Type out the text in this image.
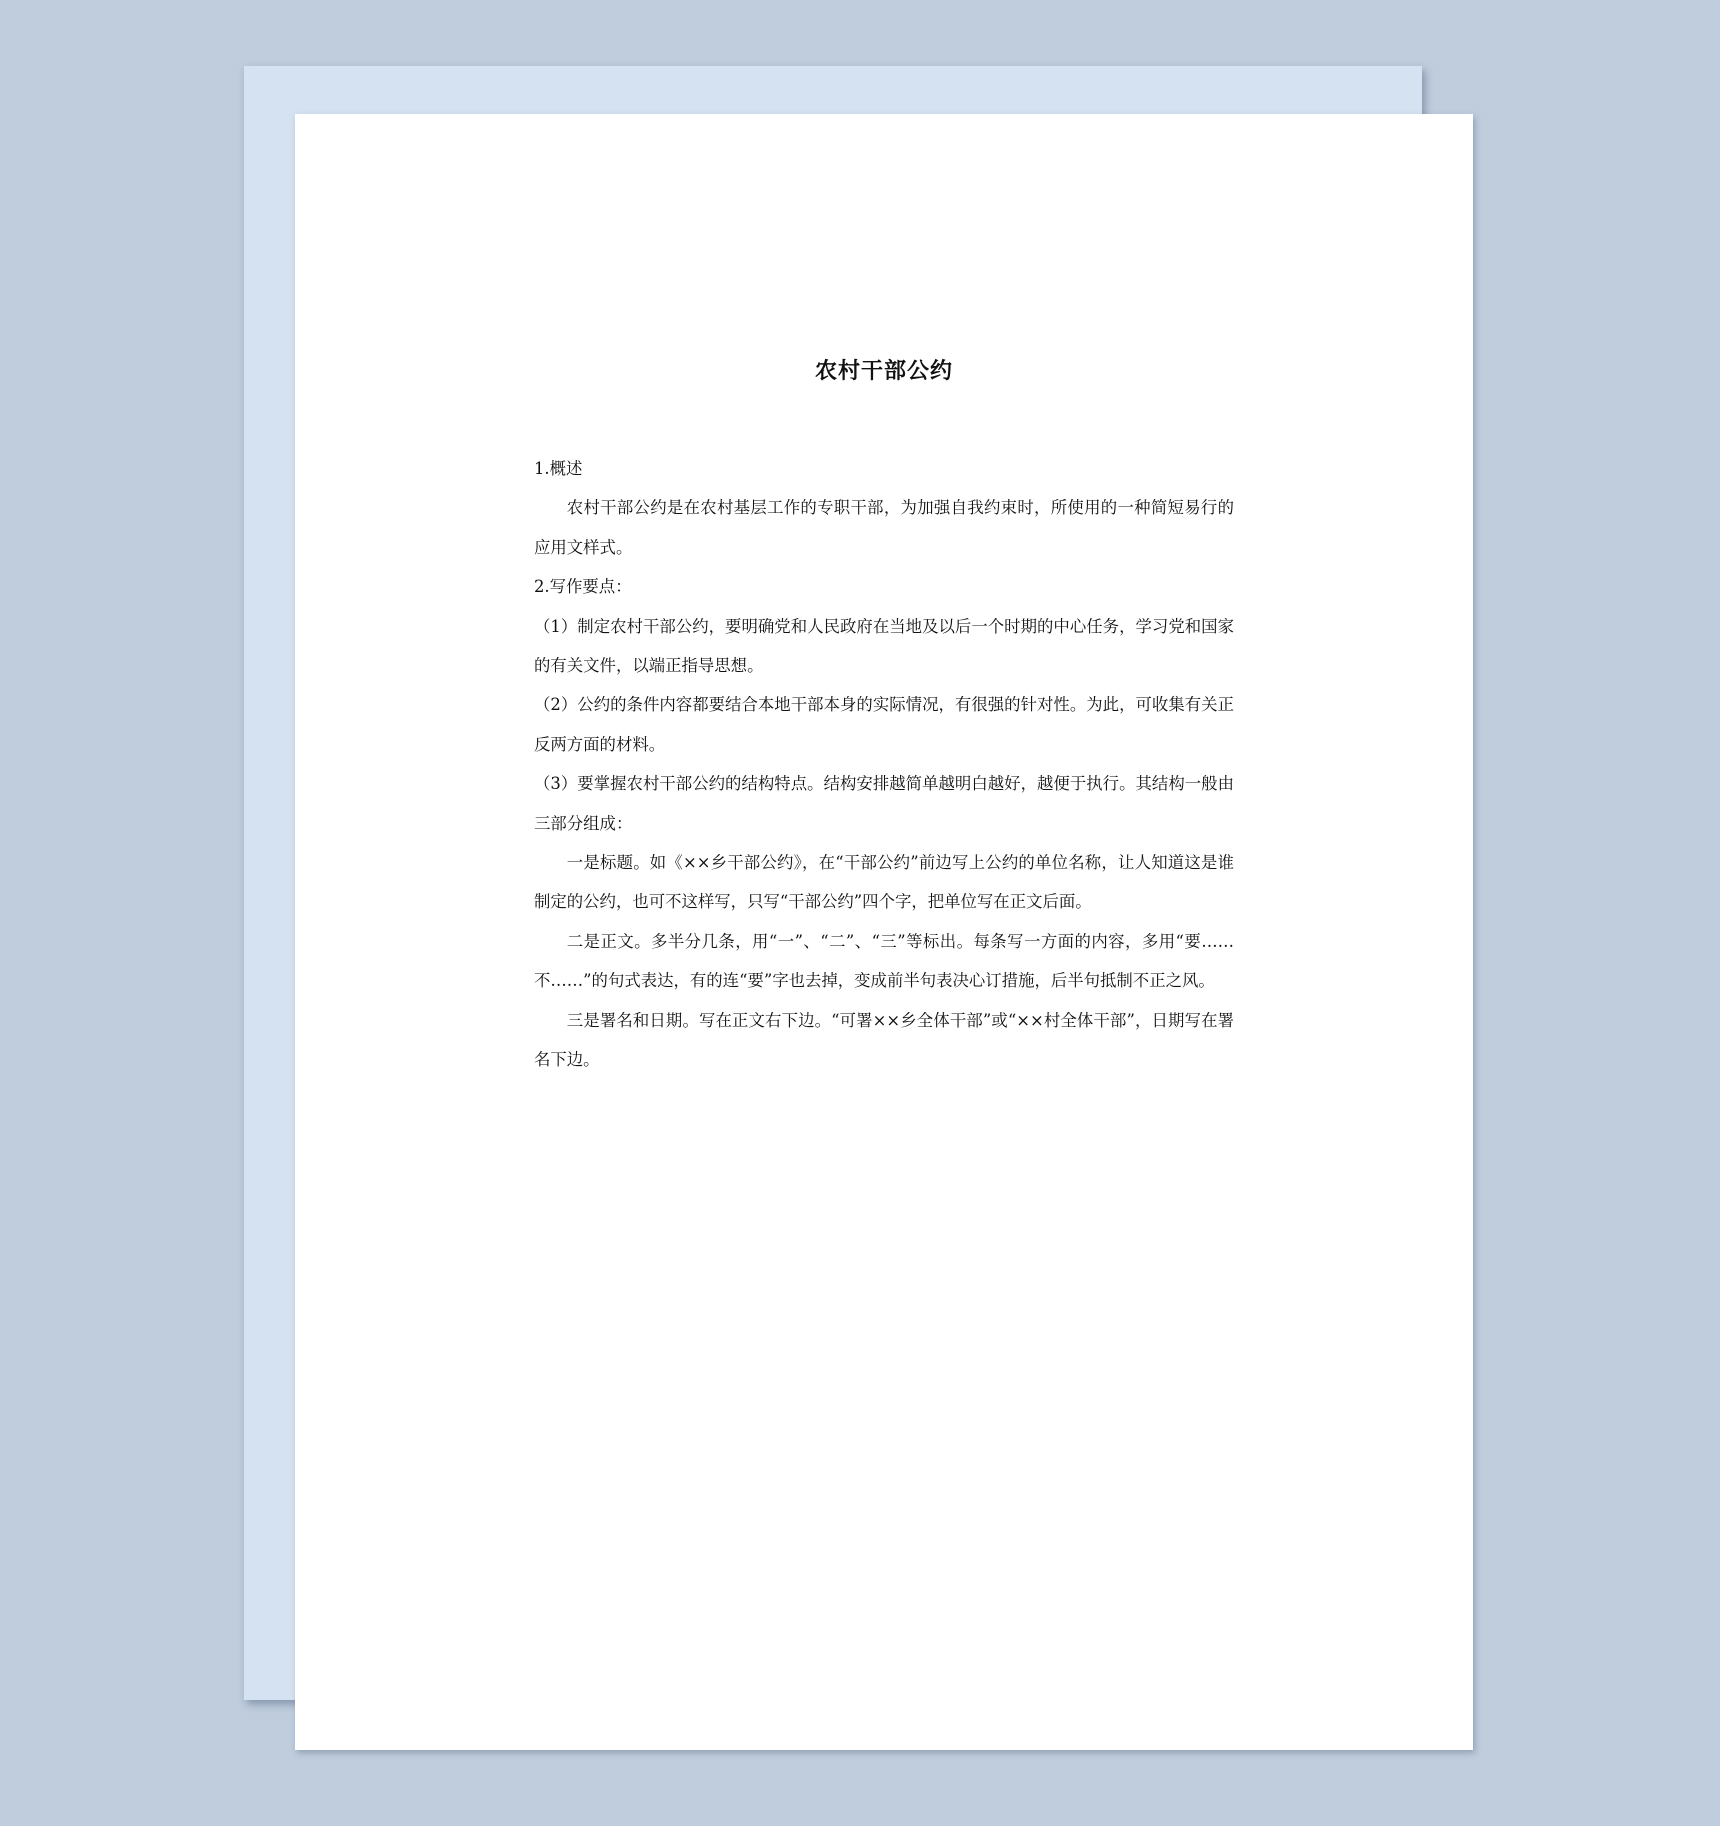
农村干部公约

1.概述

农村干部公约是在农村基层工作的专职干部，为加强自我约束时，所使用的一种简短易行的应用文样式。

2.写作要点：

（1）制定农村干部公约，要明确党和人民政府在当地及以后一个时期的中心任务，学习党和国家的有关文件，以端正指导思想。

（2）公约的条件内容都要结合本地干部本身的实际情况，有很强的针对性。为此，可收集有关正反两方面的材料。

（3）要掌握农村干部公约的结构特点。结构安排越简单越明白越好，越便于执行。其结构一般由三部分组成：

一是标题。如《××乡干部公约》，在“干部公约”前边写上公约的单位名称，让人知道这是谁制定的公约，也可不这样写，只写“干部公约”四个字，把单位写在正文后面。

二是正文。多半分几条，用“一”、“二”、“三”等标出。每条写一方面的内容，多用“要……不……”的句式表达，有的连“要”字也去掉，变成前半句表决心订措施，后半句抵制不正之风。

三是署名和日期。写在正文右下边。“可署××乡全体干部”或“××村全体干部”，日期写在署名下边。
